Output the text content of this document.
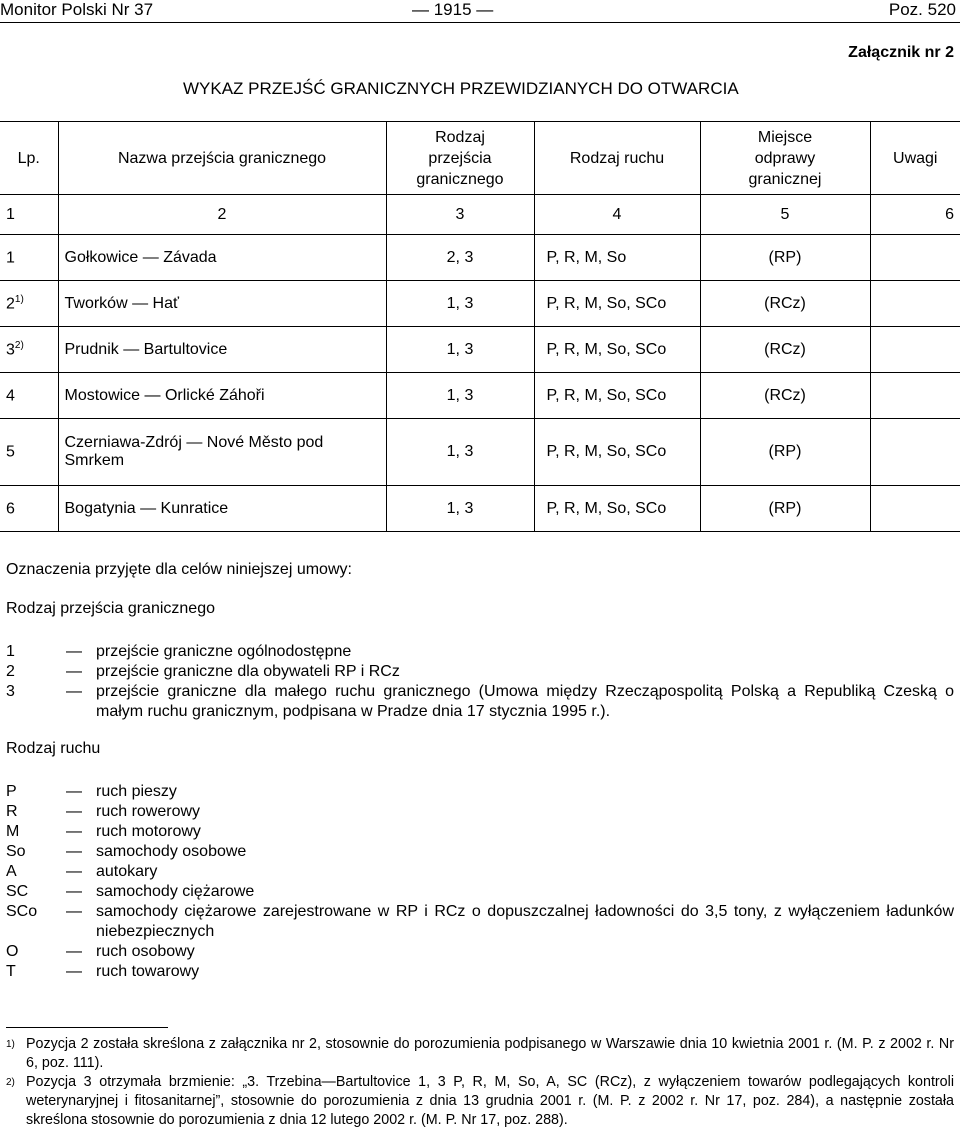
Monitor Polski Nr 37	— 1915 —	Poz. 520
Załącznik nr 2
WYKAZ PRZEJŚĆ GRANICZNYCH PRZEWIDZIANYCH DO OTWARCIA
Lp.	Nazwa przejścia granicznego	Rodzaj przejścia granicznego	Rodzaj ruchu	Miejsce odprawy granicznej	Uwagi
1	2	3	4	5	6
1	Gołkowice — Závada	2, 3	P, R, M, So	(RP)	
2$^{1)}$	Tworków — Hať	1, 3	P, R, M, So, SCo	(RCz)	
3$^{2)}$	Prudnik — Bartultovice	1, 3	P, R, M, So, SCo	(RCz)	
4	Mostowice — Orlické Záhoři	1, 3	P, R, M, So, SCo	(RCz)	
5	Czerniawa-Zdrój — Nové Město pod Smrkem	1, 3	P, R, M, So, SCo	(RP)	
6	Bogatynia — Kunratice	1, 3	P, R, M, So, SCo	(RP)	
Oznaczenia przyjęte dla celów niniejszej umowy:
Rodzaj przejścia granicznego
1	— przejście graniczne ogólnodostępne
2	— przejście graniczne dla obywateli RP i RCz
3	— przejście graniczne dla małego ruchu granicznego (Umowa między Rzecząpospolitą Polską a Republiką Czeską o małym ruchu granicznym, podpisana w Pradze dnia 17 stycznia 1995 r.).
Rodzaj ruchu
P	— ruch pieszy
R	— ruch rowerowy
M	— ruch motorowy
So	— samochody osobowe
A	— autokary
SC	— samochody ciężarowe
SCo	— samochody ciężarowe zarejestrowane w RP i RCz o dopuszczalnej ładowności do 3,5 tony, z wyłączeniem ładunków niebezpiecznych
O	— ruch osobowy
T	— ruch towarowy
1) Pozycja 2 została skreślona z załącznika nr 2, stosownie do porozumienia podpisanego w Warszawie dnia 10 kwietnia 2001 r. (M. P. z 2002 r. Nr 6, poz. 111).
2) Pozycja 3 otrzymała brzmienie: „3. Trzebina—Bartultovice 1, 3 P, R, M, So, A, SC (RCz), z wyłączeniem towarów podlegających kontroli weterynaryjnej i fitosanitarnej”, stosownie do porozumienia z dnia 13 grudnia 2001 r. (M. P. z 2002 r. Nr 17, poz. 284), a następnie została skreślona stosownie do porozumienia z dnia 12 lutego 2002 r. (M. P. Nr 17, poz. 288).
